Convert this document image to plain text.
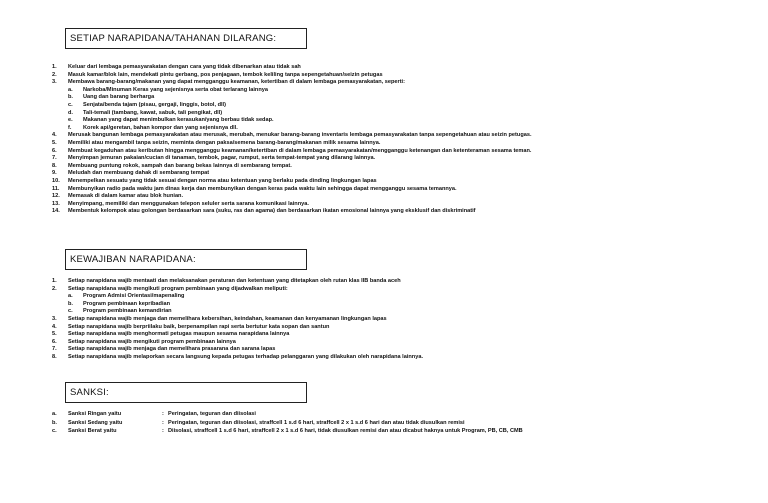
SETIAP NARAPIDANA/TAHANAN DILARANG:
1. Keluar dari lembaga pemasyarakatan dengan cara yang tidak dibenarkan atau tidak sah
2. Masuk kamar/blok lain, mendekati pintu gerbang, pos penjagaan, tembok keliling tanpa sepengetahuan/seizin petugas
3. Membawa barang-barang/makanan yang dapat mengganggu keamanan, ketertiban di dalam lembaga pemasyarakatan, seperti:
a. Narkoba/Minuman Keras yang sejenisnya serta obat terlarang lainnya
b. Uang dan barang berharga
c. Senjata/benda tajam (pisau, gergaji, linggis, botol, dll)
d. Tali-temali (tambang, kawat, sabuk, tali pengikat, dll)
e. Makanan yang dapat menimbulkan kerasukan/yang berbau tidak sedap.
f. Korek api/geretan, bahan kompor dan yang sejenisnya dll.
4. Merusak bangunan lembaga pemasyarakatan atau merusak, merubah, menukar barang-barang inventaris lembaga pemasyarakatan tanpa sepengetahuan atau seizin petugas.
5. Memiliki atau mengambil tanpa seizin, meminta dengan paksa/semena barang-barang/makanan milik sesama lainnya.
6. Membuat kegaduhan atau keributan hingga mengganggu keamanan/ketertiban di dalam lembaga pemasyarakatan/mengganggu ketenangan dan ketenteraman sesama teman.
7. Menyimpan jemuran pakaian/cucian di tanaman, tembok, pagar, rumput, serta tempat-tempat yang dilarang lainnya.
8. Membuang puntung rokok, sampah dan barang bekas lainnya di sembarang tempat.
9. Meludah dan membuang dahak di sembarang tempat
10. Menempelkan sesuatu yang tidak sesuai dengan norma atau ketentuan yang berlaku pada dinding lingkungan lapas
11. Membunyikan radio pada waktu jam dinas kerja dan membunyikan dengan keras pada waktu lain sehingga dapat mengganggu sesama temannya.
12. Memasak di dalam kamar atau blok hunian.
13. Menyimpang, memiliki dan menggunakan telepon seluler serta sarana komunikasi lainnya.
14. Membentuk kelompok atau golongan berdasarkan sara (suku, ras dan agama) dan berdasarkan ikatan emosional lainnya yang eksklusif dan diskriminatif
KEWAJIBAN NARAPIDANA:
1. Setiap narapidana wajib mentaati dan melaksanakan peraturan dan ketentuan yang ditetapkan oleh rutan klas IIB banda aceh
2. Setiap narapidana wajib mengikuti program pembinaan yang dijadwalkan meliputi:
a. Program Admisi Orientasi/mapenaling
b. Program pembinaan kepribadian
c. Program pembinaan kemandirian
3. Setiap narapidana wajib menjaga dan memelihara kebersihan, keindahan, keamanan dan kenyamanan lingkungan lapas
4. Setiap narapidana wajib berpriilaku baik, berpenampilan rapi serta bertutur kata sopan dan santun
5. Setiap narapidana wajib menghormati petugas maupun sesama narapidana lainnya
6. Setiap narapidana wajib mengikuti program pembinaan lainnya
7. Setiap narapidana wajib menjaga dan memelihara prasarana dan sarana lapas
8. Setiap narapidana wajib melaporkan secara langsung kepada petugas terhadap pelanggaran yang dilakukan oleh narapidana lainnya.
SANKSI:
a.	Sanksi Ringan yaitu	: Peringatan, teguran dan diisolasi
b.	Sanksi Sedang yaitu	: Peringatan, teguran dan diisolasi, straffcell 1 s.d 6 hari, straffcell 2 x 1 s.d 6 hari dan atau tidak diusulkan remisi
c.	Sanksi Berat yaitu	: Diisolasi, straffcell 1 s.d 6 hari, straffcell 2 x 1 s.d 6 hari, tidak diusulkan remisi dan atau dicabut haknya untuk Program, PB, CB, CMB
